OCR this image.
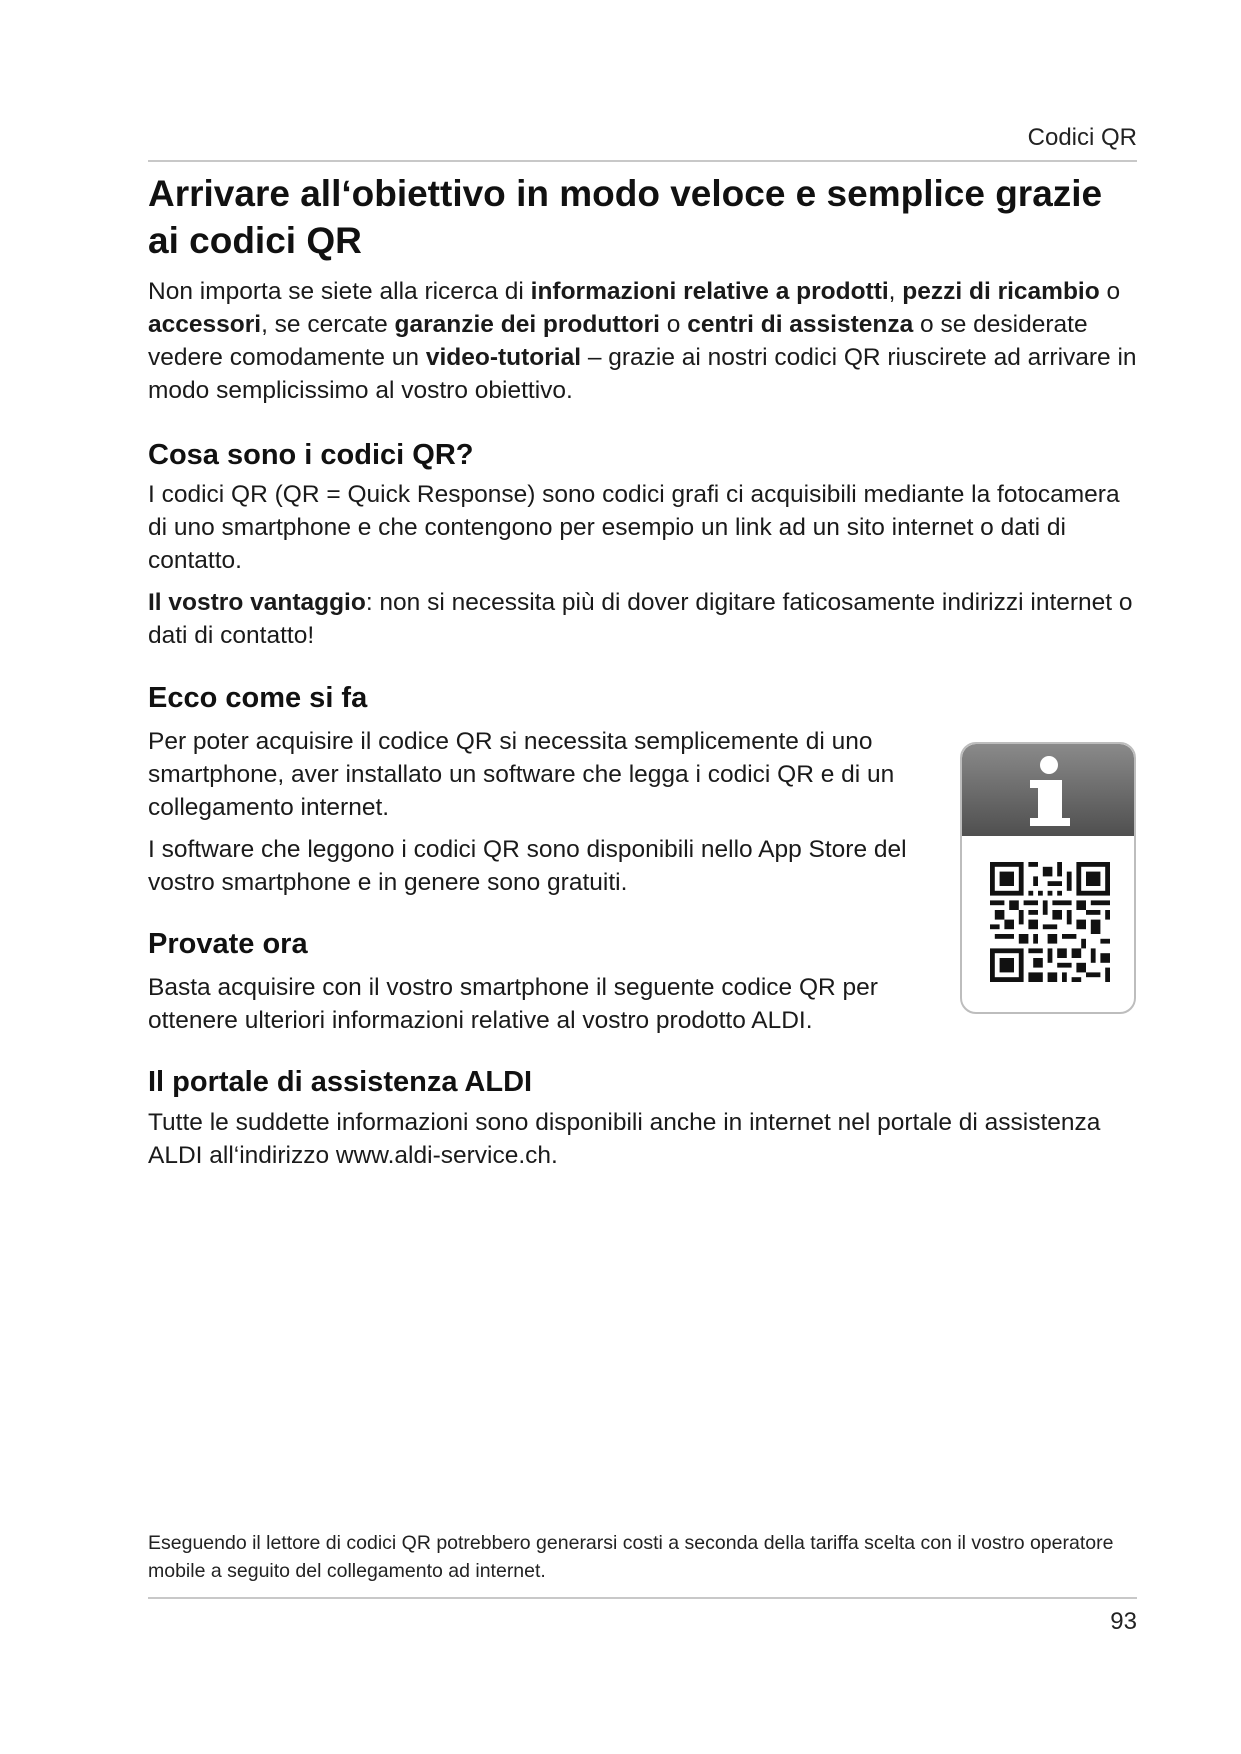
Codici QR
Arrivare all‘obiettivo in modo veloce e semplice grazie ai codici QR

Non importa se siete alla ricerca di informazioni relative a prodotti, pezzi di ricambio o accessori, se cercate garanzie dei produttori o centri di assistenza o se desiderate vedere comodamente un video-tutorial – grazie ai nostri codici QR riuscirete ad arrivare in modo semplicissimo al vostro obiettivo.

Cosa sono i codici QR?

I codici QR (QR = Quick Response) sono codici grafi ci acquisibili mediante la fotocamera di uno smartphone e che contengono per esempio un link ad un sito internet o dati di contatto.

Il vostro vantaggio: non si necessita più di dover digitare faticosamente indirizzi internet o dati di contatto!

Ecco come si fa

Per poter acquisire il codice QR si necessita semplicemente di uno smartphone, aver installato un software che legga i codici QR e di un collegamento internet.

I software che leggono i codici QR sono disponibili nello App Store del vostro smartphone e in genere sono gratuiti.

Provate ora

Basta acquisire con il vostro smartphone il seguente codice QR per ottenere ulteriori informazioni relative al vostro prodotto ALDI.

Il portale di assistenza ALDI

Tutte le suddette informazioni sono disponibili anche in internet nel portale di assistenza ALDI all‘indirizzo www.aldi-service.ch.

Eseguendo il lettore di codici QR potrebbero generarsi costi a seconda della tariffa scelta con il vostro operatore mobile a seguito del collegamento ad internet.

93
